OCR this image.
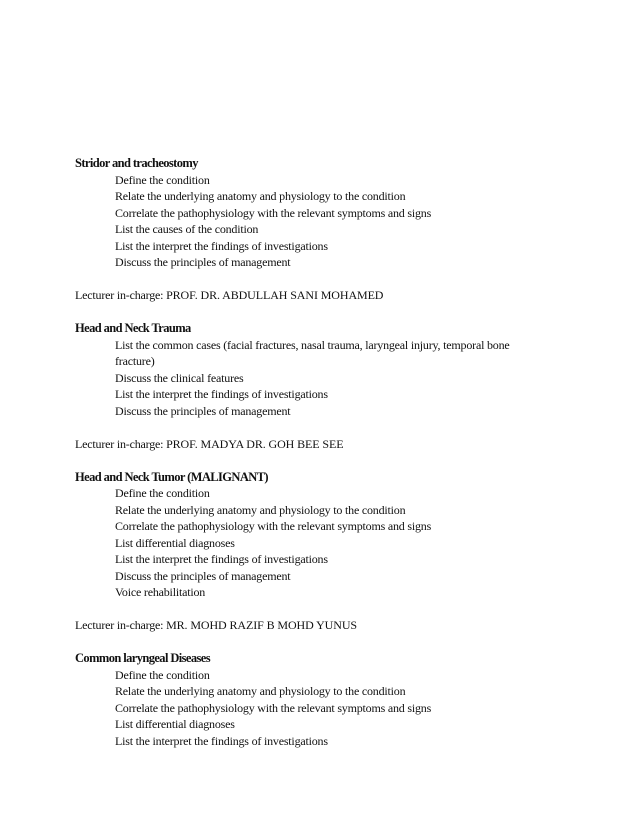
Stridor and tracheostomy

Define the condition
Relate the underlying anatomy and physiology to the condition
Correlate the pathophysiology with the relevant symptoms and signs
List the causes of the condition
List the interpret the findings of investigations
Discuss the principles of management
Lecturer in-charge: PROF. DR. ABDULLAH SANI MOHAMED

Head and Neck Trauma

List the common cases (facial fractures, nasal trauma, laryngeal injury, temporal bone fracture)
Discuss the clinical features
List the interpret the findings of investigations
Discuss the principles of management
Lecturer in-charge: PROF. MADYA DR. GOH BEE SEE

Head and Neck Tumor (MALIGNANT)

Define the condition
Relate the underlying anatomy and physiology to the condition
Correlate the pathophysiology with the relevant symptoms and signs
List differential diagnoses
List the interpret the findings of investigations
Discuss the principles of management
Voice rehabilitation
Lecturer in-charge: MR. MOHD RAZIF B MOHD YUNUS

Common laryngeal Diseases

Define the condition
Relate the underlying anatomy and physiology to the condition
Correlate the pathophysiology with the relevant symptoms and signs
List differential diagnoses
List the interpret the findings of investigations
